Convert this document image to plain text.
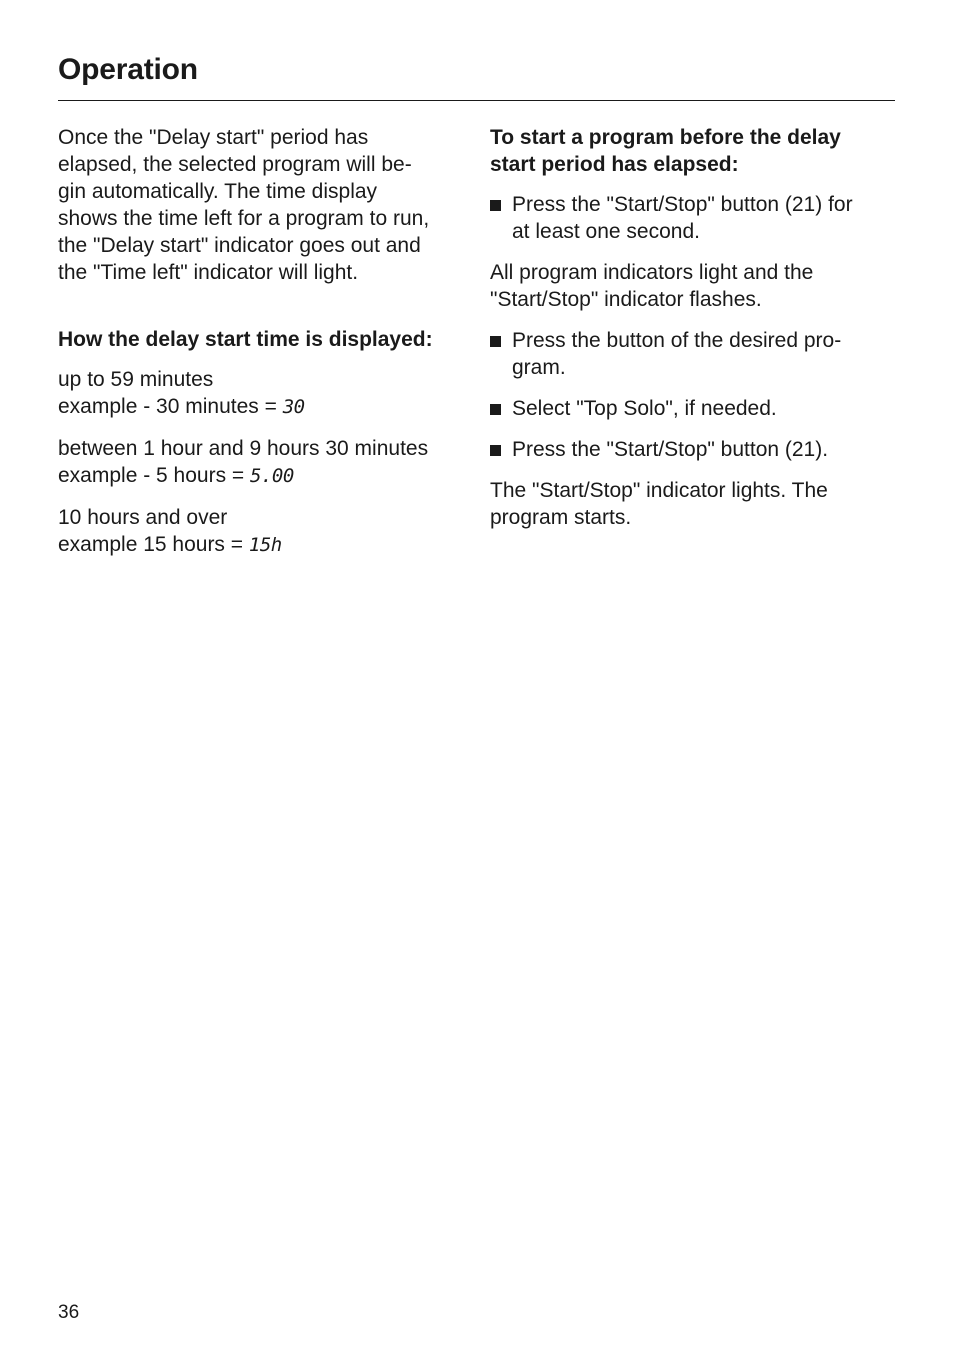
Operation

Once the "Delay start" period has
elapsed, the selected program will be-
gin automatically. The time display
shows the time left for a program to run,
the "Delay start" indicator goes out and
the "Time left" indicator will light.

How the delay start time is displayed:

up to 59 minutes
example - 30 minutes = 30

between 1 hour and 9 hours 30 minutes
example - 5 hours = 5.00

10 hours and over
example 15 hours = 15h

To start a program before the delay
start period has elapsed:

Press the "Start/Stop" button (21) for
at least one second.

All program indicators light and the
"Start/Stop" indicator flashes.

Press the button of the desired pro-
gram.
Select "Top Solo", if needed.
Press the "Start/Stop" button (21).

The "Start/Stop" indicator lights. The
program starts.

36
